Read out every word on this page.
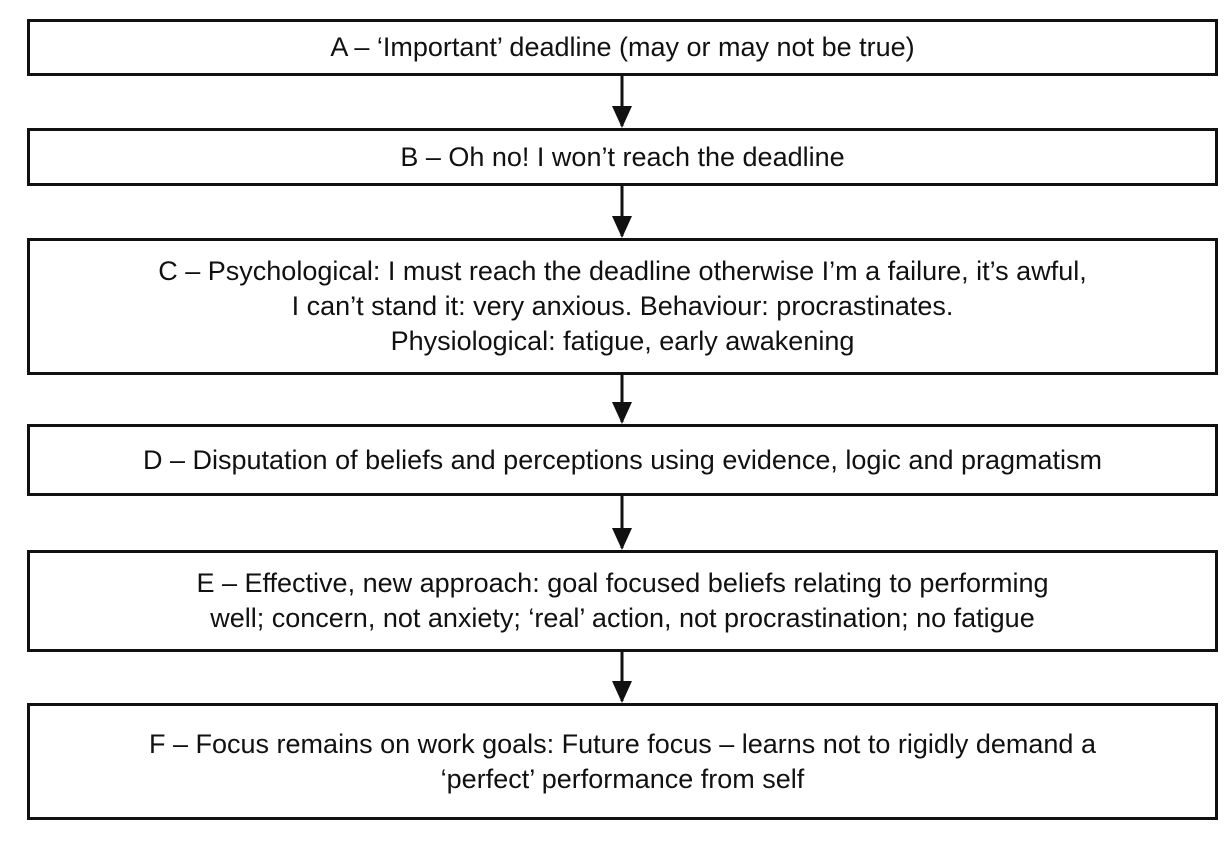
A – ‘Important’ deadline (may or may not be true)
B – Oh no! I won’t reach the deadline
C – Psychological: I must reach the deadline otherwise I’m a failure, it’s awful,
I can’t stand it: very anxious. Behaviour: procrastinates.
Physiological: fatigue, early awakening
D – Disputation of beliefs and perceptions using evidence, logic and pragmatism
E – Effective, new approach: goal focused beliefs relating to performing
well; concern, not anxiety; ‘real’ action, not procrastination; no fatigue
F – Focus remains on work goals: Future focus – learns not to rigidly demand a
‘perfect’ performance from self
